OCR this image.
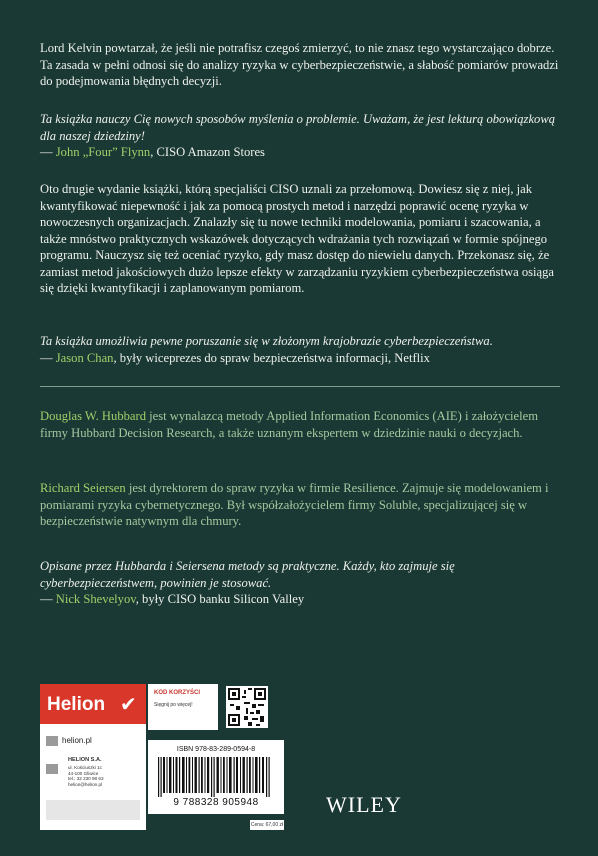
Lord Kelvin powtarzał, że jeśli nie potrafisz czegoś zmierzyć, to nie znasz tego wystarczająco dobrze. Ta zasada w pełni odnosi się do analizy ryzyka w cyberbezpieczeństwie, a słabość pomiarów prowadzi do podejmowania błędnych decyzji.

Ta książka nauczy Cię nowych sposobów myślenia o problemie. Uważam, że jest lekturą obowiązkową dla naszej dziedziny!

— John „Four” Flynn, CISO Amazon Stores

Oto drugie wydanie książki, którą specjaliści CISO uznali za przełomową. Dowiesz się z niej, jak kwantyfikować niepewność i jak za pomocą prostych metod i narzędzi poprawić ocenę ryzyka w nowoczesnych organizacjach. Znalazły się tu nowe techniki modelowania, pomiaru i szacowania, a także mnóstwo praktycznych wskazówek dotyczących wdrażania tych rozwiązań w formie spójnego programu. Nauczysz się też oceniać ryzyko, gdy masz dostęp do niewielu danych. Przekonasz się, że zamiast metod jakościowych dużo lepsze efekty w zarządzaniu ryzykiem cyberbezpieczeństwa osiąga się dzięki kwantyfikacji i zaplanowanym pomiarom.

Ta książka umożliwia pewne poruszanie się w złożonym krajobrazie cyberbezpieczeństwa.

— Jason Chan, były wiceprezes do spraw bezpieczeństwa informacji, Netflix

Douglas W. Hubbard jest wynalazcą metody Applied Information Economics (AIE) i założycielem firmy Hubbard Decision Research, a także uznanym ekspertem w dziedzinie nauki o decyzjach.

Richard Seiersen jest dyrektorem do spraw ryzyka w firmie Resilience. Zajmuje się modelowaniem i pomiarami ryzyka cybernetycznego. Był współzałożycielem firmy Soluble, specjalizującej się w bezpieczeństwie natywnym dla chmury.

Opisane przez Hubbarda i Seiersena metody są praktyczne. Każdy, kto zajmuje się cyberbezpieczeństwem, powinien je stosować.

— Nick Shevelyov, były CISO banku Silicon Valley

Helion ✔
helion.pl
HELION S.A.
ul. Kościuszki 1c
44-100 Gliwice
tel.: 32 230 98 63
helion@helion.pl
KOD KORZYŚCI
Sięgnij po więcej!
ISBN 978-83-289-0594-8
9 788328 905948
Cena: 67,00 zł
WILEY
